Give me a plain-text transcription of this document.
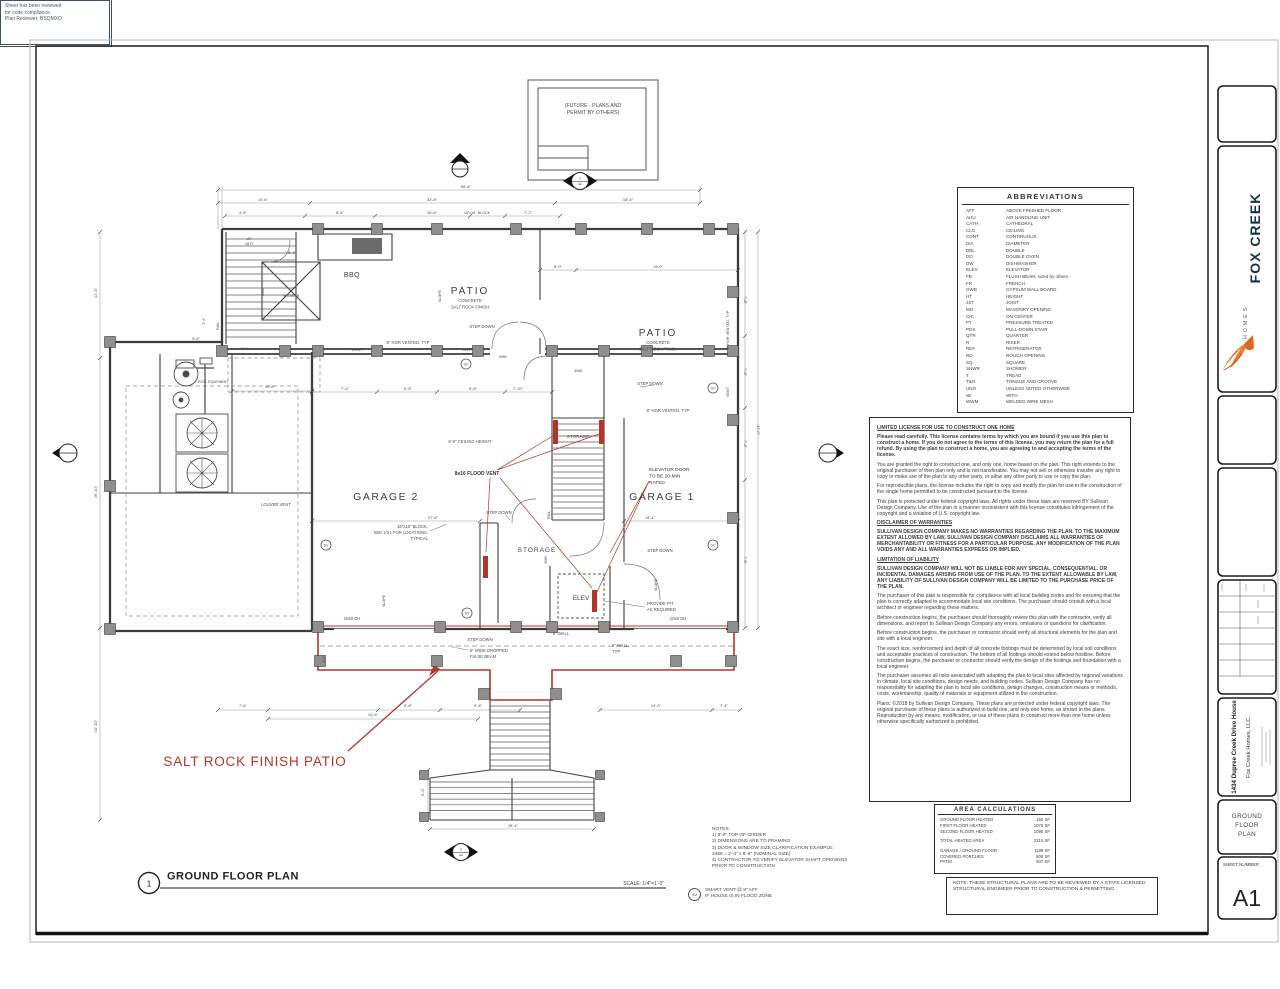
SV
SV
SV
SV
SV
1
GROUND FLOOR PLAN
SCALE: 1/4"=1'-0"
FOX CREEK
HOMES
1434 Dupree Creek Drive House Fox Creek Homes, LLC.
GROUND
FLOOR
PLAN
SHEET NUMBER:
A1
(FUTURE - PLANS AND
PERMIT BY OTHERS)
56'-6"
10'-6"	33'-8"	18'-4"
4'-6"	8'-6"	16'-6"	16"x16" BLOCK	7'-2"
UP
16 R
5'-4"
BBQ
SHOWER
RAIL
RAIL
RAIL
2'-4"
5'-6"
PATIO
CONCRETE
SALT ROCK FINISH
SLOPE
PATIO
CONCRETE
SALT ROCK FINISH
8'-0"	15'-0"
STEP DOWN
VENT	VENT
8" HOR VENTED, TYP
5080
3068
STEP DOWN
8" HOR VENTED, TYP
8" HOR VENTED, TYP
VENT
7'-4"	6'-8"	6'-8"	7'-10"
10'-6"
POOL EQUIPMENT
9'-0" CEILING HEIGHT
STORAGE
8x16 FLOOD VENT
ELEVATOR DOOR
TO BE 20-MIN
RATED
GARAGE 2	GARAGE 1
RAIL
STEP DOWN
27'-6"	15'-4"
16"x16" BLOCK,
SEE 1/S1 FOR LOCATIONS,
TYPICAL
STORAGE	STEP DOWN
3080
SLOPE
SLOPE
ELEV
PROVIDE PIT
AS REQUIRED
10x8 OH	10x8 OH
8" WALL
STEP DOWN
8" WALL,
TYP
8" WIDE DROPPED
FALSE BEAM
LOUVER VENT
7'-6"	9'-8"
14'-6"
9'-8"	14'-0"	7'-4"
2'-0"
6'-0"
18'-4"
SALT ROCK FINISH PATIO
12'-4"
29'-10"
10'-10"
7'-8"
7'-6"
7'-4"
7'-6"
47'-0"
1
A2
1
A2
ABBREVIATIONS
AFF	ABOVE FINISHED FLOOR
AHU	AIR HANDLING UNIT
CATH	CATHEDRAL
CLG	CEILING
CONT	CONTINUOUS
DIA	DIAMETER
DBL	DOUBLE
DO	DOUBLE OVEN
DW	DISHWASHER
ELEV	ELEVATOR
FB	FLUSH BEAM, sized by others
FR	FRENCH
GWB	GYPSUM WALL BOARD
HT	HEIGHT
JST	JOIST
MO	MASONRY OPENING
O/C	ON CENTER
PT	PRESSURE TREATED
PDS	PULL-DOWN STAIR
QTR	QUARTER
R	RISER
REF	REFRIGERATOR
RO	ROUGH OPENING
SQ	SQUARE
SHWR	SHOWER
T	TREAD
T&G	TONGUE AND GROOVE
UNO	UNLESS NOTED OTHERWISE
W/	WITH
WWM	WELDED WIRE MESH
LIMITED LICENSE FOR USE TO CONSTRUCT ONE HOME
Please read carefully. This license contains terms by which you are bound if you use this plan to construct a home. If you do not agree to the terms of this license, you may return the plan for a full refund. By using the plan to construct a home, you are agreeing to and accepting the terms of the license.
You are granted the right to construct one, and only one, home based on the plan. This right extends to the original purchaser of then plan only and is not transferable. You may not sell or otherwise transfer any right to copy or make use of the plan to any other party, or allow any other party to use or copy the plan.
For reproducible plans, the license includes the right to copy and modify the plan for use in the construction of the single home permitted to be constructed pursuant to the license
This plan is protected under federal copyright laws. All rights under these laws are reserved BY Sullivan Design Company. Use of the plan in a manner inconsistent with this license constitutes infringement of the copyright and a violation of U.S. copyright law.
DISCLAIMER OF WARRANTIES
SULLIVAN DESIGN COMPANY MAKES NO WARRANTIES REGARDING THE PLAN. TO THE MAXIMUM EXTENT ALLOWED BY LAW, SULLIVAN DESIGN COMPANY DISCLAIMS ALL WARRANTIES OF MERCHANTABILITY OR FITNESS FOR A PARTICULAR PURPOSE. ANY MODIFICATION OF THE PLAN VOIDS ANY AND ALL WARRANTIES EXPRESS OR IMPLIED.
LIMITATION OF LIABILITY
SULLIVAN DESIGN COMPANY WILL NOT BE LIABLE FOR ANY SPECIAL, CONSEQUENTIAL, OR INCIDENTAL DAMAGES ARISING FROM USE OF THE PLAN. TO THE EXTENT ALLOWABLE BY LAW, ANY LIABILITY OF SULLIVAN DESIGN COMPANY WILL BE LIMITED TO THE PURCHASE PRICE OF THE PLAN.
The purchaser of this plan is responsible for compliance with all local building codes and for ensuring that the plan is correctly adapted to accommodate local site conditions. The purchaser should consult with a local architect or engineer regarding these matters.
Before construction begins, the purchaser should thoroughly review this plan with the contractor, verify all dimensions, and report to Sullivan Design Company any errors, omissions or questions for clarification.
Before construction begins, the purchaser or contractor should verify all structural elements for the plan and site with a local engineer.
The exact size, reinforcement and depth of all concrete footings must be determined by local soil conditions and acceptable practices of construction. The bottom of all footings should extend below frostline. Before construction begins, the purchaser or contractor should verify the design of the footings and foundation with a local engineer.
The purchaser assumes all risks associated with adapting the plan to local sites affected by regional variations in climate, local site conditions, design needs, and building codes. Sullivan Design Company has no responsibility for adapting the plan to local site conditions, design changes, construction means or methods, costs, workmanship, quality of materials or equipment utilized in the construction.
Plans: ©2018 by Sullivan Design Company. These plans are protected under federal copyright laws. The original purchaser of these plans is authorized to build one, and only one home, as shown in the plans. Reproduction by any means, modification, or use of these plans to construct more than one home unless otherwise specifically authorized is prohibited.
AREA CALCULATIONS
GROUND FLOOR HEATED	150 SF
FIRST FLOOR HEATED	1070 SF
SECOND FLOOR HEATED	1095 SF
TOTAL HEATED AREA	2315 SF
GARAGE / GROUND FLOOR	1189 SF
COVERED PORCHES	806 SF
PATIO	507 SF
NOTES:
1) 9'-0" TOP OF GIRDER
2) DIMENSIONS ARE TO FRAMING
3) DOOR & WINDOW SIZE CLARIFICATION EXAMPLE:
2468 = 2'-4" x 6'-8" (NOMINAL SIZE)
4) CONTRACTOR TO VERIFY ELEVATOR SHAFT OPENINGS
PRIOR TO CONSTRUCTION
SV
SMART VENT @ 8" AFF
IF HOUSE IS IN FLOOD ZONE
NOTE: THESE STRUCTURAL PLANS ARE TO BE REVIEWED BY A STATE LICENSED STRUCTURAL ENGINEER PRIOR TO CONSTRUCTION & PERMITTING
Sheet has been reviewed
for code compliance.
Plan Reviewer: BSQMXO
